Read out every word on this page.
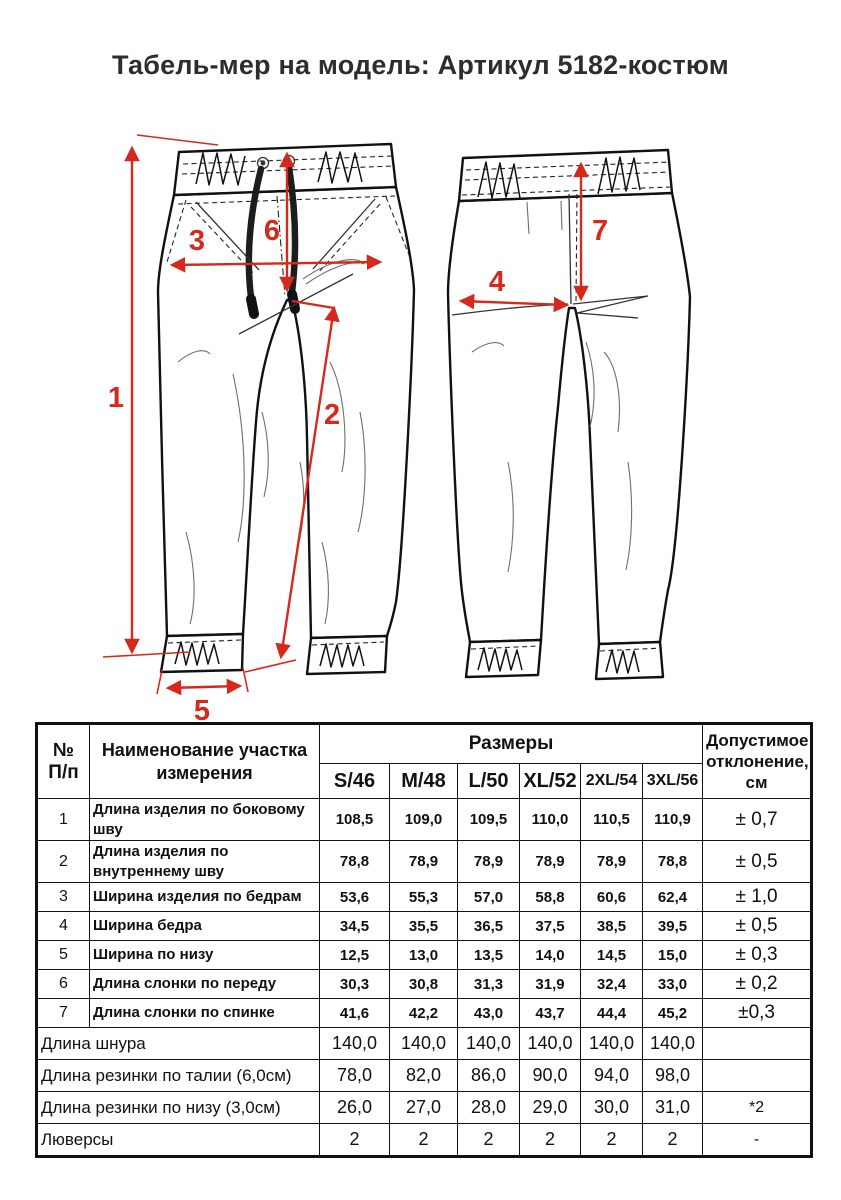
Табель-мер на модель: Артикул 5182-костюм
1
3 6
2
5
7
4
№
П/п	Наименование участка измерения	Размеры						Допустимое отклонение, см
		S/46	M/48	L/50	XL/52	2XL/54	3XL/56	
1	Длина изделия по боковому шву	108,5	109,0	109,5	110,0	110,5	110,9	± 0,7
2	Длина изделия по внутреннему шву	78,8	78,9	78,9	78,9	78,9	78,8	± 0,5
3	Ширина изделия по бедрам	53,6	55,3	57,0	58,8	60,6	62,4	± 1,0
4	Ширина бедра	34,5	35,5	36,5	37,5	38,5	39,5	± 0,5
5	Ширина по низу	12,5	13,0	13,5	14,0	14,5	15,0	± 0,3
6	Длина слонки по переду	30,3	30,8	31,3	31,9	32,4	33,0	± 0,2
7	Длина слонки по спинке	41,6	42,2	43,0	43,7	44,4	45,2	±0,3
Длина шнура		140,0	140,0	140,0	140,0	140,0	140,0	
Длина резинки по талии (6,0см)		78,0	82,0	86,0	90,0	94,0	98,0	
Длина резинки по низу (3,0см)		26,0	27,0	28,0	29,0	30,0	31,0	*2
Люверсы		2	2	2	2	2	2	-
